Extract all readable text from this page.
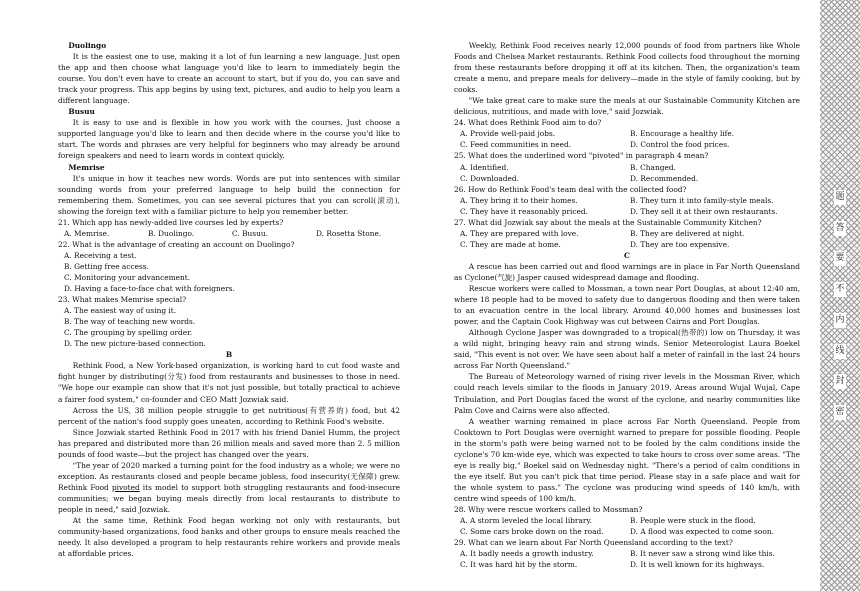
Duolingo

It is the easiest one to use, making it a lot of fun learning a new language. Just open the app and then choose what language you'd like to learn to immediately begin the course. You don't even have to create an account to start, but if you do, you can save and track your progress. This app begins by using text, pictures, and audio to help you learn a different language.

Busuu

It is easy to use and is flexible in how you work with the courses. Just choose a supported language you'd like to learn and then decide where in the course you'd like to start. The words and phrases are very helpful for beginners who may already be around foreign speakers and need to learn words in context quickly.

Memrise

It's unique in how it teaches new words. Words are put into sentences with similar sounding words from your preferred language to help build the connection for remembering them. Sometimes, you can see several pictures that you can scroll(滚动), showing the foreign text with a familiar picture to help you remember better.

21. Which app has newly-added live courses led by experts?
A. Memrise.	B. Duolingo.	C. Busuu.	D. Rosetta Stone.
22. What is the advantage of creating an account on Duolingo?
A. Receiving a test.
B. Getting free access.
C. Monitoring your advancement.
D. Having a face-to-face chat with foreigners.
23. What makes Memrise special?
A. The easiest way of using it.
B. The way of teaching new words.
C. The grouping by spelling order.
D. The new picture-based connection.
B

Rethink Food, a New York-based organization, is working hard to cut food waste and fight hunger by distributing(分发) food from restaurants and businesses to those in need. "We hope our example can show that it's not just possible, but totally practical to achieve a fairer food system," co-founder and CEO Matt Jozwiak said.

Across the US, 38 million people struggle to get nutritious(有营养的) food, but 42 percent of the nation's food supply goes uneaten, according to Rethink Food's website.

Since Jozwiak started Rethink Food in 2017 with his friend Daniel Humm, the project has prepared and distributed more than 26 million meals and saved more than 2. 5 million pounds of food waste—but the project has changed over the years.

"The year of 2020 marked a turning point for the food industry as a whole; we were no exception. As restaurants closed and people became jobless, food insecurity(无保障) grew. Rethink Food pivoted its model to support both struggling restaurants and food-insecure communities; we began buying meals directly from local restaurants to distribute to people in need," said Jozwiak.

At the same time, Rethink Food began working not only with restaurants, but community-based organizations, food banks and other groups to ensure meals reached the needy. It also developed a program to help restaurants rehire workers and provide meals at affordable prices.

Weekly, Rethink Food receives nearly 12,000 pounds of food from partners like Whole Foods and Chelsea Market restaurants. Rethink Food collects food throughout the morning from these restaurants before dropping it off at its kitchen. Then, the organization's team create a menu, and prepare meals for delivery—made in the style of family cooking, but by cooks.

"We take great care to make sure the meals at our Sustainable Community Kitchen are delicious, nutritious, and made with love," said Jozwiak.

24. What does Rethink Food aim to do?
A. Provide well-paid jobs.	B. Encourage a healthy life.
C. Feed communities in need.	D. Control the food prices.
25. What does the underlined word "pivoted" in paragraph 4 mean?
A. Identified.	B. Changed.
C. Downloaded.	D. Recommended.
26. How do Rethink Food's team deal with the collected food?
A. They bring it to their homes.	B. They turn it into family-style meals.
C. They have it reasonably priced.	D. They sell it at their own restaurants.
27. What did Jozwiak say about the meals at the Sustainable Community Kitchen?
A. They are prepared with love.	B. They are delivered at night.
C. They are made at home.	D. They are too expensive.
C

A rescue has been carried out and flood warnings are in place in Far North Queensland as Cyclone(气旋) Jasper caused widespread damage and flooding.

Rescue workers were called to Mossman, a town near Port Douglas, at about 12:40 am, where 18 people had to be moved to safety due to dangerous flooding and then were taken to an evacuation centre in the local library. Around 40,000 homes and businesses lost power, and the Captain Cook Highway was cut between Cairns and Port Douglas.

Although Cyclone Jasper was downgraded to a tropical(热带的) low on Thursday, it was a wild night, bringing heavy rain and strong winds. Senior Meteorologist Laura Boekel said, "This event is not over. We have seen about half a meter of rainfall in the last 24 hours across Far North Queensland."

The Bureau of Meteorology warned of rising river levels in the Mossman River, which could reach levels similar to the floods in January 2019. Areas around Wujal Wujal, Cape Tribulation, and Port Douglas faced the worst of the cyclone, and nearby communities like Palm Cove and Cairns were also affected.

A weather warning remained in place across Far North Queensland. People from Cooktown to Port Douglas were overnight warned to prepare for possible flooding. People in the storm's path were being warned not to be fooled by the calm conditions inside the cyclone's 70 km-wide eye, which was expected to take hours to cross over some areas. "The eye is really big," Boekel said on Wednesday night. "There's a period of calm conditions in the eye itself. But you can't pick that time period. Please stay in a safe place and wait for the whole system to pass." The cyclone was producing wind speeds of 140 km/h, with centre wind speeds of 100 km/h.

28. Why were rescue workers called to Mossman?
A. A storm leveled the local library.	B. People were stuck in the flood.
C. Some cars broke down on the road.	D. A flood was expected to come soon.
29. What can we learn about Far North Queensland according to the text?
A. It badly needs a growth industry.	B. It never saw a strong wind like this.
C. It was hard hit by the storm.	D. It is well known for its highways.
题
答
要
不
内
线
封
密
